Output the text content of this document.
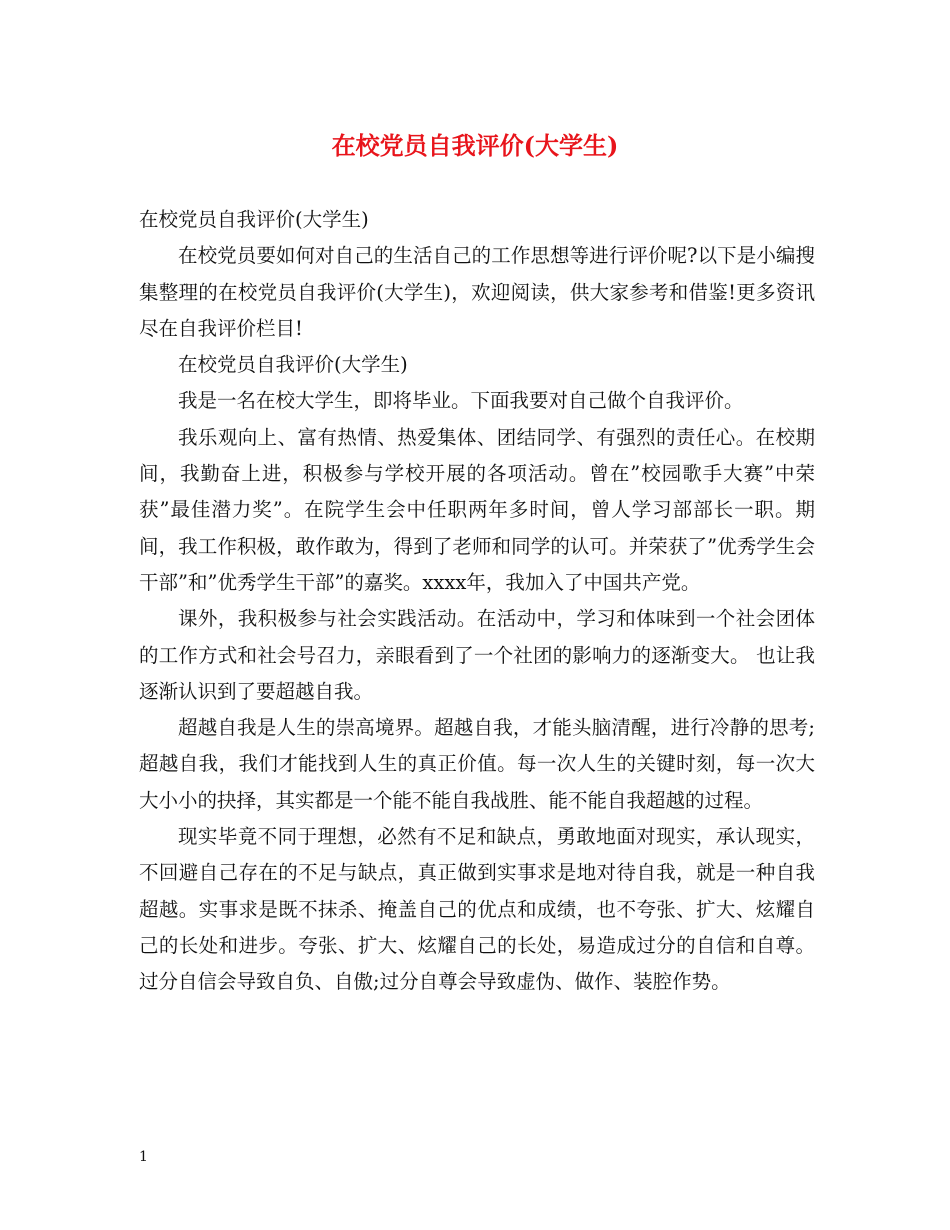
在校党员自我评价(大学生)

在校党员自我评价(大学生)

在校党员要如何对自己的生活自己的工作思想等进行评价呢?以下是小编搜集整理的在校党员自我评价(大学生)，欢迎阅读，供大家参考和借鉴!更多资讯尽在自我评价栏目!

在校党员自我评价(大学生)

我是一名在校大学生，即将毕业。下面我要对自己做个自我评价。

我乐观向上、富有热情、热爱集体、团结同学、有强烈的责任心。在校期间，我勤奋上进，积极参与学校开展的各项活动。曾在”校园歌手大赛”中荣获”最佳潜力奖”。在院学生会中任职两年多时间，曾人学习部部长一职。期间，我工作积极，敢作敢为，得到了老师和同学的认可。并荣获了”优秀学生会干部”和”优秀学生干部”的嘉奖。xxxx年，我加入了中国共产党。

课外，我积极参与社会实践活动。在活动中，学习和体味到一个社会团体的工作方式和社会号召力，亲眼看到了一个社团的影响力的逐渐变大。 也让我逐渐认识到了要超越自我。

超越自我是人生的崇高境界。超越自我，才能头脑清醒，进行冷静的思考;超越自我，我们才能找到人生的真正价值。每一次人生的关键时刻，每一次大大小小的抉择，其实都是一个能不能自我战胜、能不能自我超越的过程。

现实毕竟不同于理想，必然有不足和缺点，勇敢地面对现实，承认现实，不回避自己存在的不足与缺点，真正做到实事求是地对待自我，就是一种自我超越。实事求是既不抹杀、掩盖自己的优点和成绩，也不夸张、扩大、炫耀自己的长处和进步。夸张、扩大、炫耀自己的长处，易造成过分的自信和自尊。过分自信会导致自负、自傲;过分自尊会导致虚伪、做作、装腔作势。

1
